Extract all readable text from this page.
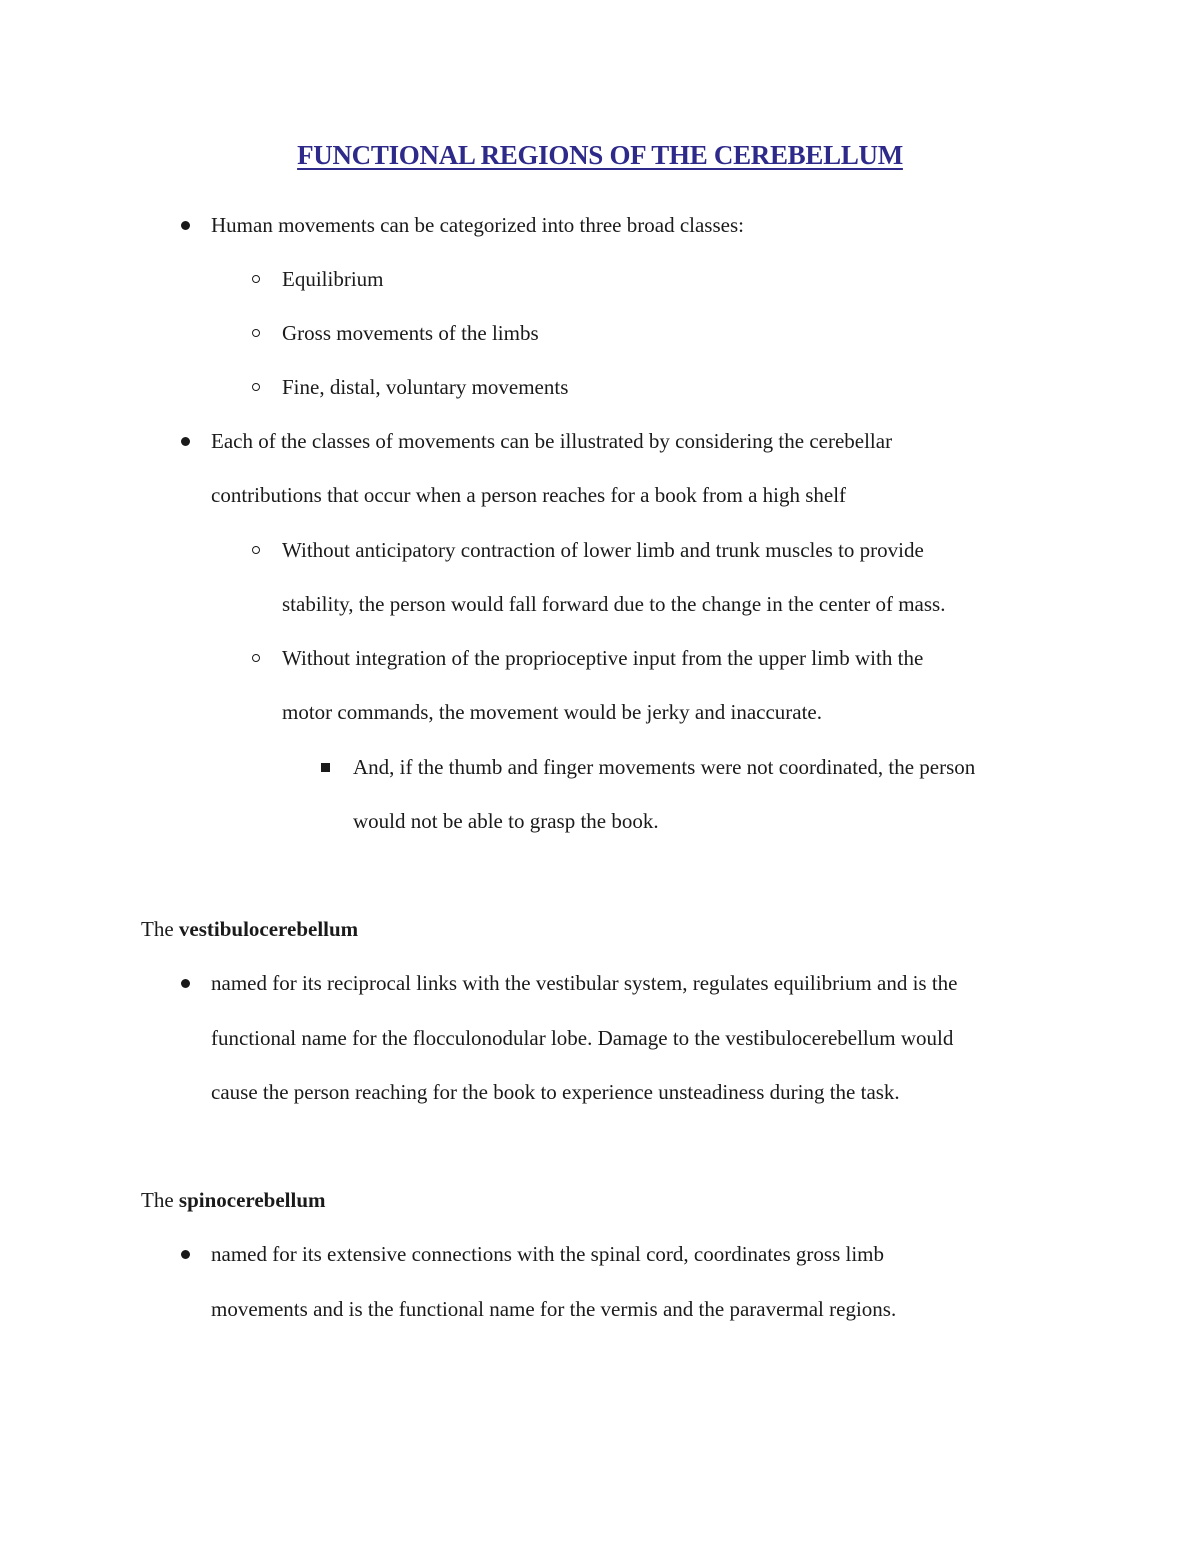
FUNCTIONAL REGIONS OF THE CEREBELLUM
Human movements can be categorized into three broad classes:
Equilibrium
Gross movements of the limbs
Fine, distal, voluntary movements
Each of the classes of movements can be illustrated by considering the cerebellar
contributions that occur when a person reaches for a book from a high shelf
Without anticipatory contraction of lower limb and trunk muscles to provide
stability, the person would fall forward due to the change in the center of mass.
Without integration of the proprioceptive input from the upper limb with the
motor commands, the movement would be jerky and inaccurate.
And, if the thumb and finger movements were not coordinated, the person
would not be able to grasp the book.
The vestibulocerebellum
named for its reciprocal links with the vestibular system, regulates equilibrium and is the
functional name for the flocculonodular lobe. Damage to the vestibulocerebellum would
cause the person reaching for the book to experience unsteadiness during the task.
The spinocerebellum
named for its extensive connections with the spinal cord, coordinates gross limb
movements and is the functional name for the vermis and the paravermal regions.
